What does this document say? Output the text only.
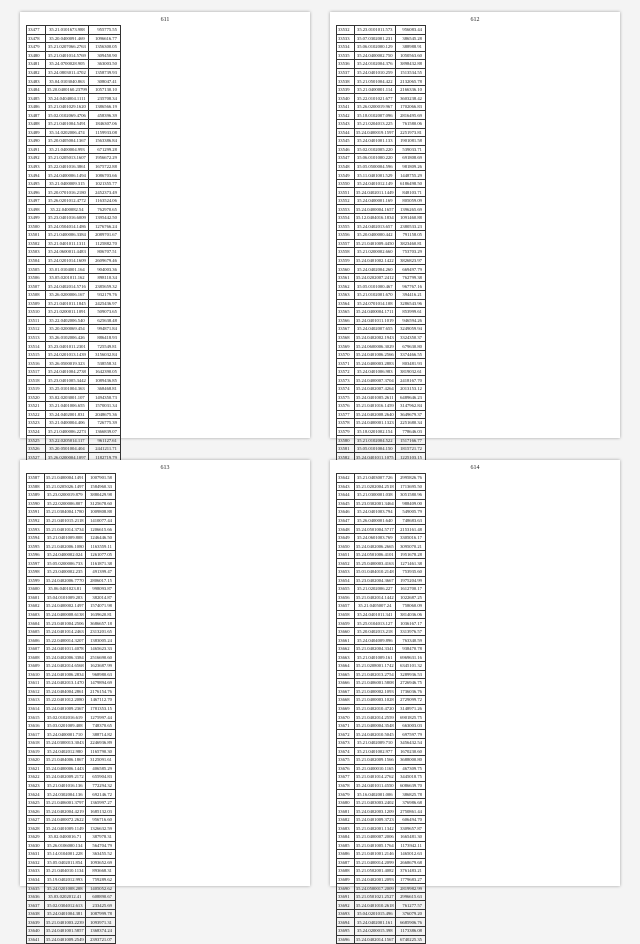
611
33477	35.21.0101673.988	955775.55
33478	35.20.0400091.469	1096616.77
33479	35.21.0207066.2763	1356300.05
33480	35.21.0401014.5769	309450.90
33481	35.24.0700028.905	363003.50
33482	35.24.0803011.4702	1358739.93
33483	35.04.0103040.863	308047.41
33484	35.20.0400160.23799	1057130.10
33485	35.24.0404004.1111	235708.34
33486	35.21.0401029.1620	1386566.19
33487	35.02.0102069.4706	458396.39
33488	35.21.0401004.5491	1846307.06
33489	35.14.0202006.474	1159933.08
33490	35.20.0405004.1367	1563386.84
33491	35.21.0400004.993	671299.28
33492	35.21.0205013.1607	1956672.29
33493	35.22.0401016.3861	1675722.88
33494	35.24.0400006.1494	1086703.66
33495	35.21.0400009.315	1021355.77
33496	35.20.0701016.2180	2452373.49
33497	35.26.0201012.4772	1163524.06
33498	35.22.0400082.54	762970.65
33499	35.23.0401016.6009	1395442.50
33500	35.24.0504014.1486	1276766.24
33501	35.21.0400006.3384	2089701.67
33502	35.21.0401011.1311	1125882.70
33503	35.24.0600011.4483	806707.51
33504	35.24.0201014.1609	2609679.46
33505	35.01.0104001.164	904003.36
33506	35.05.0201011.162	898110.34
33507	35.24.0402014.5716	2385659.32
33508	35.26.0200006.167	932179.76
33509	35.21.0401011.1845	2425436.97
33510	35.21.0200011.1091	509073.65
33511	35.22.0402006.540	625638.48
33512	35.20.0200069.454	994871.84
33513	35.26.0102006.426	886418.93
33514	35.23.0401011.2301	725549.81
33515	35.24.0201013.1439	3156032.84
33516	35.26.0500019.323	538558.31
33517	35.24.0401004.2738	1642390.05
33518	35.23.0401005.3442	1089436.85
33519	35.25.0101004.363	368468.81
33520	35.02.0203001.107	1494350.73
33521	35.21.0401006.655	1570031.34
33522	35.24.0402001.831	2048675.36
33523	35.21.0400004.406	726775.39
33524	35.21.0400006.2273	1366839.07
33525	35.22.0205014.117	961127.61
33526	35.20.0501004.404	2441211.71
33527	35.26.0200004.1097	1182719.79

612
33532	35.23.0101011.573	956083.44
33533	35.07.0302001.231	386545.28
33534	35.06.0102000.129	388988.91
33535	35.24.0400002.750	1050563.60
33536	35.24.0102004.376	3898432.88
33537	35.24.0401010.259	1513534.55
33538	35.21.0501004.422	2132065.78
33539	35.21.0400001.114	2166336.10
33540	35.22.0101021.677	3603238.42
33541	35.26.0200019.967	1702066.83
33542	35.18.0102007.096	2816495.69
33543	35.21.0204013.225	761580.06
33544	35.24.0400019.1597	2251973.81
33545	35.24.0401001.133	1901081.58
33546	35.02.0102005.220	539033.71
33547	35.06.0101000.220	691808.69
33548	35.05.0500004.596	981809.26
33549	35.11.0401001.529	1448755.29
33550	35.24.0401012.149	6186498.50
33551	35.24.0402011.1449	848103.71
33552	35.24.0400001.169	805059.09
33553	35.24.0400004.1657	1396265.69
33554	35.12.0404016.1834	1091460.88
33555	35.24.0402013.657	2380533.23
33556	35.20.0400000.442	791158.05
33557	35.21.0401009.4450	3823460.81
33558	35.21.0200002.660	753703.29
33559	35.24.0401002.1422	3826823.97
33560	35.24.0402004.260	669497.79
33561	35.24.0202007.2412	762799.38
33562	35.05.0101000.467	967767.16
33563	35.21.0102001.670	394416.21
33564	35.24.0701014.108	3286543.96
33565	35.24.0400004.1711	853999.61
33566	35.24.0401011.1019	946594.26
33567	35.24.0402007.655	3249059.94
33568	35.24.0402002.1943	3324350.37
33569	35.24.0600006.3029	679630.80
33570	35.24.0401006.2566	3374466.55
33571	35.24.0400003.2883	803481.93
33572	35.24.0401006.983	3819032.61
33573	35.24.0400007.3704	2418167.70
33574	35.24.0402007.4264	2013153.12
33575	35.24.0401005.2611	6489646.23
33576	35.21.0401016.1459	3147962.84
33577	35.24.0402008.2640	3649679.37
33578	35.24.0400001.1323	2251680.34
33579	35.18.0201002.154	778646.03
33580	35.21.0102004.522	1517166.77
33581	35.05.0101004.150	1815721.72
33582	35.24.0401011.1075	1225103.15

613
33587	35.21.0400004.1491	1007901.58
33588	35.21.0205026.1497	1584960.33
33589	35.23.0200019.879	3880429.98
33590	35.22.0200006.807	3125678.60
33591	35.21.0304004.1780	1009808.88
33592	35.21.0401015.2118	1410077.44
33593	35.21.0401014.3734	1206615.66
33594	35.21.0401009.808	1246446.50
33595	35.21.0402006.1080	1163559.11
33596	35.24.0400002.024	1261077.05
33597	35.05.0200006.733	1161871.38
33598	35.23.0400002.235	491399.47
33599	35.24.0402006.7770	2806017.15
33600	35.06.0401023.81	998093.87
33601	35.04.0101009.203	382014.87
33602	35.24.0400002.1497	1574071.98
33603	35.24.0400008.6138	1639620.81
33604	35.23.0401004.2506	3686657.18
33605	35.24.0401014.2463	2313201.65
33606	35.22.0400014.3207	1383005.24
33607	35.24.0401011.4078	1465623.33
33608	35.24.0402006.3384	2516690.60
33609	35.24.0402014.6568	1623687.99
33610	35.24.0401006.2834	968980.63
33611	35.24.0402013.1470	1479894.69
33612	35.24.0404004.2861	2176154.76
33613	35.22.0401012.2080	1467112.70
33614	35.24.0401009.2367	1781353.15
33615	35.02.0102016.619	1275997.44
33616	35.03.0201009.408	748370.65
33617	35.24.0400001.710	388714.82
33618	35.24.0300013.3043	2246936.89
33619	35.24.0402012.980	1165790.30
33620	35.21.0404006.1867	3125091.61
33621	35.24.0400006.1443	406585.29
33622	35.24.0402009.2172	655904.83
33623	35.21.0401016.136	772294.32
33624	35.24.0302004.136	692146.72
33625	35.21.0406001.3797	1365997.27
33626	35.24.0402004.4219	1685132.03
33627	35.24.0400072.2622	956716.60
33628	35.24.0401009.1149	1326632.59
33629	35.02.0400016.71	387978.31
33630	35.26.0106000.134	564704.79
33631	35.14.0104001.228	363455.52
33632	35.05.0402011.854	1093652.69
33633	35.21.0404010.1134	893668.31
33634	35.19.0402012.993	759289.62
33635	35.24.0201008.208	1405052.62
33636	35.03.0202012.41	608890.67
33637	35.02.0304012.613	233425.69
33638	35.24.0401004.381	1087999.78
33639	35.21.0401003.2239	1093971.31
33640	35.24.0401001.5857	1368374.24
33641	35.24.0401009.2549	2393721.07
614
33642	35.21.0403007.726	2995826.76
33643	35.21.0202004.2518	1713695.50
33644	35.21.0300001.038	3051580.96
33645	35.23.0302001.3464	988409.00
33646	35.24.0401003.794	549005.79
33647	35.26.0400001.640	748683.63
33648	35.24.0501004.5717	2153161.48
33649	35.24.0601003.769	3305016.17
33650	35.24.0402006.2665	3095070.21
33651	35.24.0501006.4101	1951678.28
33652	35.25.0400003.4163	1271461.38
33653	35.01.0404010.2148	753935.60
33654	35.23.0402004.3667	1975204.99
33655	35.21.0202006.227	1612700.17
33656	35.21.0402014.1442	1022687.25
33657	35.21.0405007.24	758060.09
33658	35.24.0401011.341	3814036.06
33659	35.25.0104013.127	1036167.17
33660	35.20.0402013.218	3313976.57
33661	35.24.0404009.896	763340.59
33662	35.21.0402004.3341	938470.78
33663	35.21.0401009.161	6969631.16
33664	35.21.0208001.1742	6345101.32
33665	35.21.0402013.2754	3289936.53
33666	35.21.0406001.5808	2726946.75
33667	35.21.0400002.1093	1736036.76
33668	35.21.0400003.1028	2729099.72
33669	35.21.0402010.4720	3148971.26
33670	35.21.0402014.2559	6901825.75
33671	35.21.0400004.3548	663003.03
33672	35.24.0402010.5045	697597.79
33673	35.21.0402009.710	3456432.54
33674	35.21.0401002.977	1670230.60
33675	35.21.0402009.1566	3688000.80
33676	35.21.0400010.1165	467309.75
33677	35.21.0401014.2762	3445018.75
33678	35.24.0401011.4550	6086639.70
33679	35.16.0402001.006	386825.78
33680	35.21.0403003.2402	376986.68
33681	35.24.0402003.1209	2750861.44
33682	35.24.0401009.3723	606494.70
33683	35.21.0402001.1342	3309657.87
33684	35.21.0400007.2006	1665481.30
33685	35.21.0401005.1764	1173942.11
33686	35.21.0401001.2146	1465012.63
33687	35.21.0400014.2099	2668679.68
33688	35.21.0502001.4082	3761483.21
33689	35.24.0402001.2093	1779683.27
33690	35.24.0500017.2009	2819982.99
33691	35.21.0501021.2527	2996615.63
33692	35.24.0401010.2618	761277.57
33693	35.04.0201015.496	376079.20
33694	35.24.0402001.161	6685906.76
33695	35.24.0200015.398	1173386.08
33696	35.24.0402014.1567	6740225.35
